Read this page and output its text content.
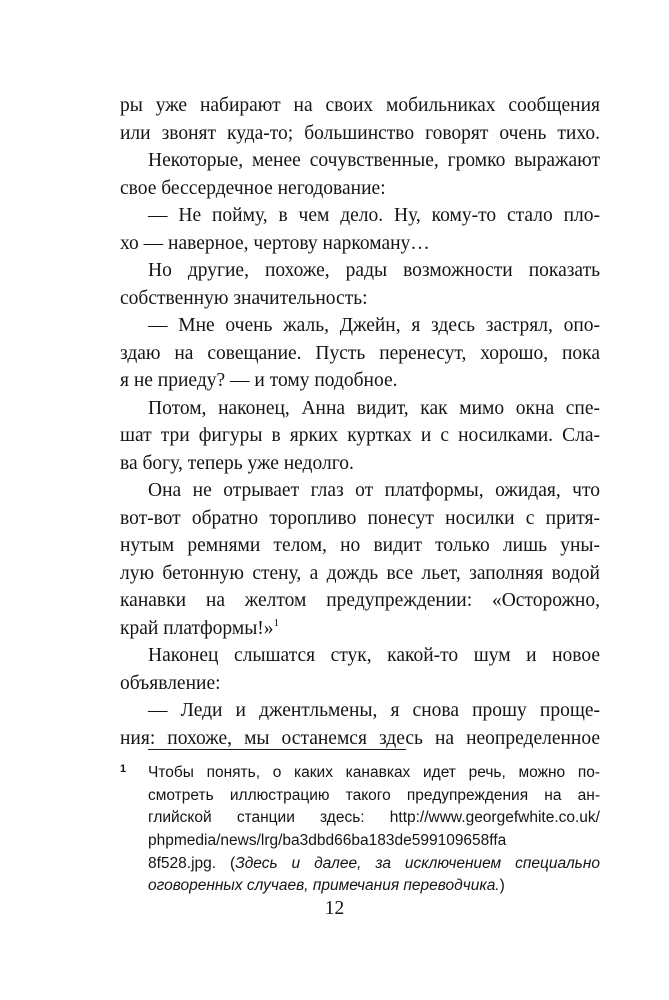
ры уже набирают на своих мобильниках сообщения
или звонят куда-то; большинство говорят очень тихо.
Некоторые, менее сочувственные, громко выражают
свое бессердечное негодование:
— Не пойму, в чем дело. Ну, кому-то стало пло-
хо — наверное, чертову наркоману…
Но другие, похоже, рады возможности показать
собственную значительность:
— Мне очень жаль, Джейн, я здесь застрял, опо-
здаю на совещание. Пусть перенесут, хорошо, пока
я не приеду? — и тому подобное.
Потом, наконец, Анна видит, как мимо окна спе-
шат три фигуры в ярких куртках и с носилками. Сла-
ва богу, теперь уже недолго.
Она не отрывает глаз от платформы, ожидая, что
вот-вот обратно торопливо понесут носилки с притя-
нутым ремнями телом, но видит только лишь уны-
лую бетонную стену, а дождь все льет, заполняя водой
канавки на желтом предупреждении: «Осторожно,
край платформы!»$^1$
Наконец слышатся стук, какой-то шум и новое
объявление:
— Леди и джентльмены, я снова прошу проще-
ния: похоже, мы останемся здесь на неопределенное
1 Чтобы понять, о каких канавках идет речь, можно по-
смотреть иллюстрацию такого предупреждения на ан-
глийской станции здесь: http://www.georgefwhite.co.uk/
phpmedia/news/lrg/ba3dbd66ba183de599109658ffa
8f528.jpg. (Здесь и далее, за исключением специально
оговоренных случаев, примечания переводчика.)
12
